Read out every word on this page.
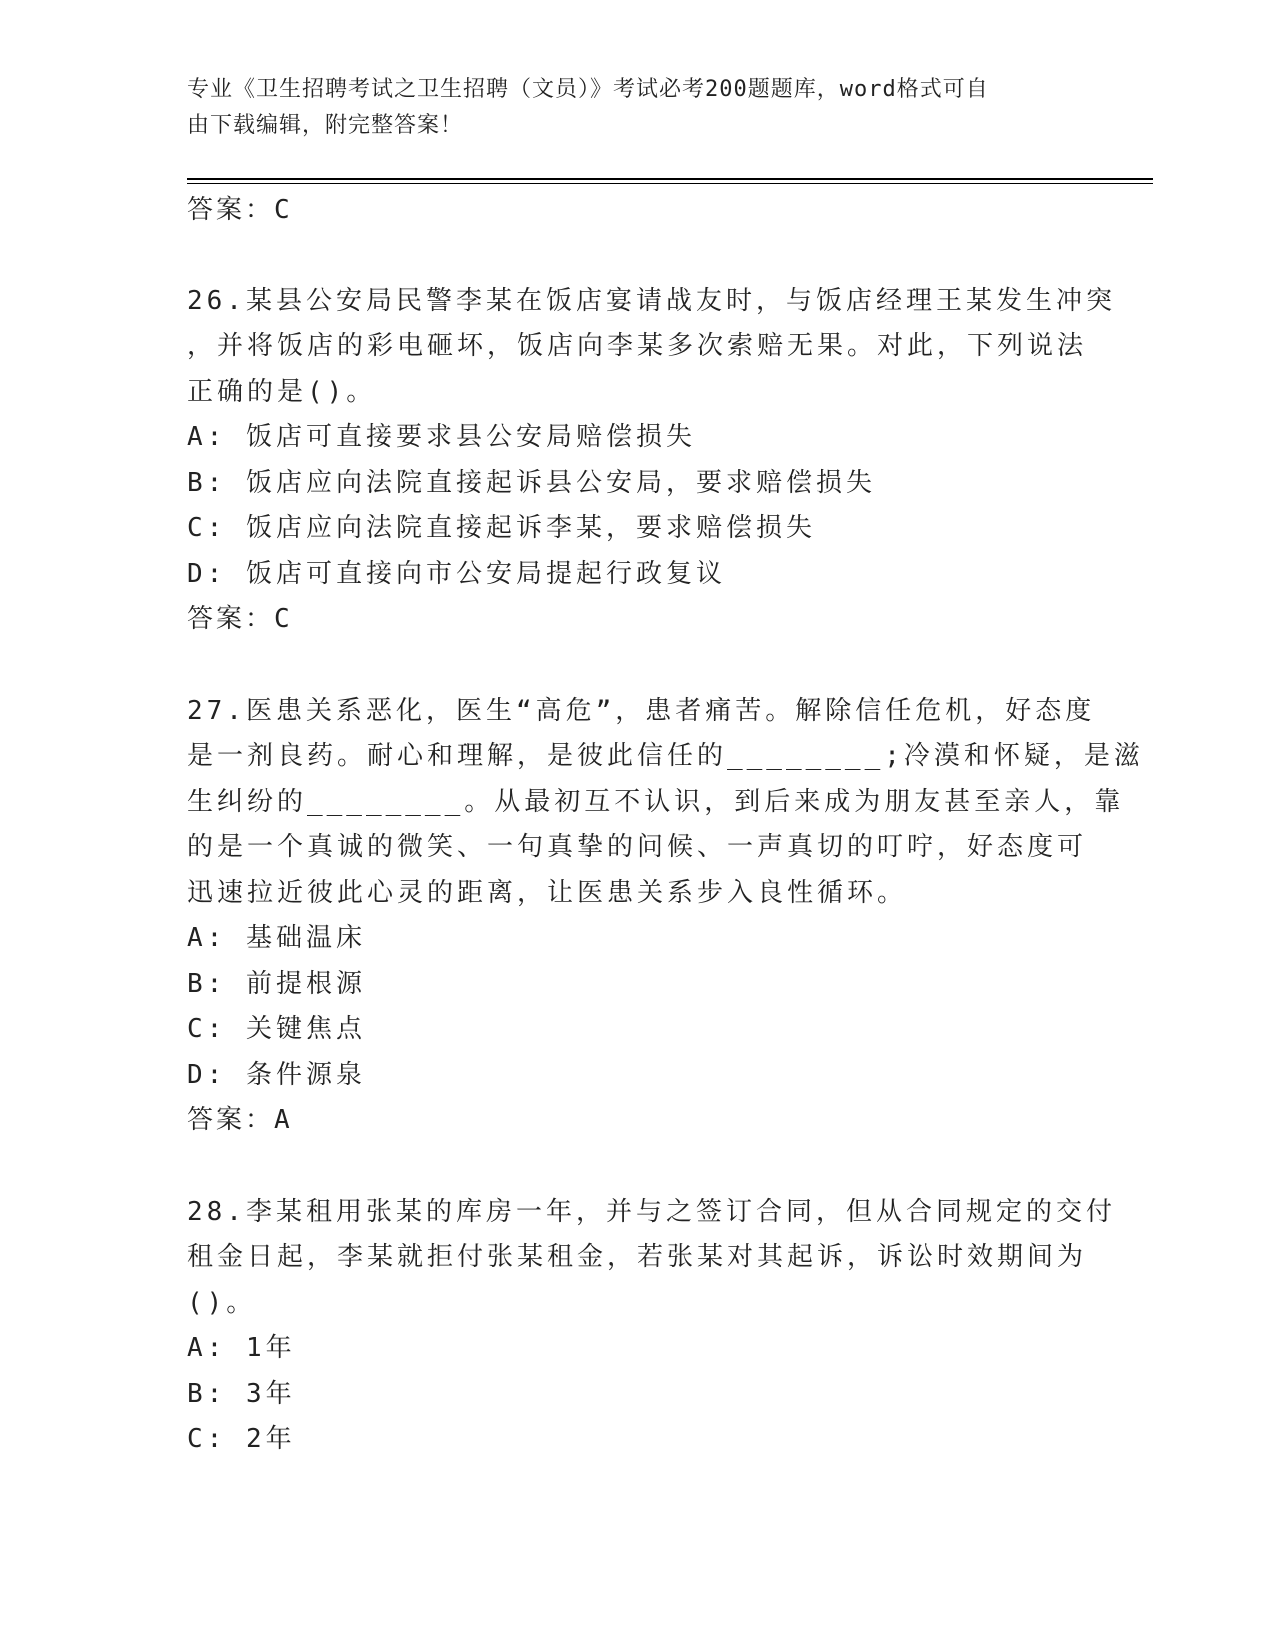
专业《卫生招聘考试之卫生招聘（文员）》考试必考200题题库，word格式可自
由下载编辑，附完整答案！
答案：C
26.某县公安局民警李某在饭店宴请战友时，与饭店经理王某发生冲突
，并将饭店的彩电砸坏，饭店向李某多次索赔无果。对此，下列说法
正确的是()。
A: 饭店可直接要求县公安局赔偿损失
B: 饭店应向法院直接起诉县公安局，要求赔偿损失
C: 饭店应向法院直接起诉李某，要求赔偿损失
D: 饭店可直接向市公安局提起行政复议
答案：C
27.医患关系恶化，医生“高危”，患者痛苦。解除信任危机，好态度
是一剂良药。耐心和理解，是彼此信任的________;冷漠和怀疑，是滋
生纠纷的________。从最初互不认识，到后来成为朋友甚至亲人，靠
的是一个真诚的微笑、一句真挚的问候、一声真切的叮咛，好态度可
迅速拉近彼此心灵的距离，让医患关系步入良性循环。
A: 基础温床
B: 前提根源
C: 关键焦点
D: 条件源泉
答案：A
28.李某租用张某的库房一年，并与之签订合同，但从合同规定的交付
租金日起，李某就拒付张某租金，若张某对其起诉，诉讼时效期间为
()。
A: 1年
B: 3年
C: 2年
